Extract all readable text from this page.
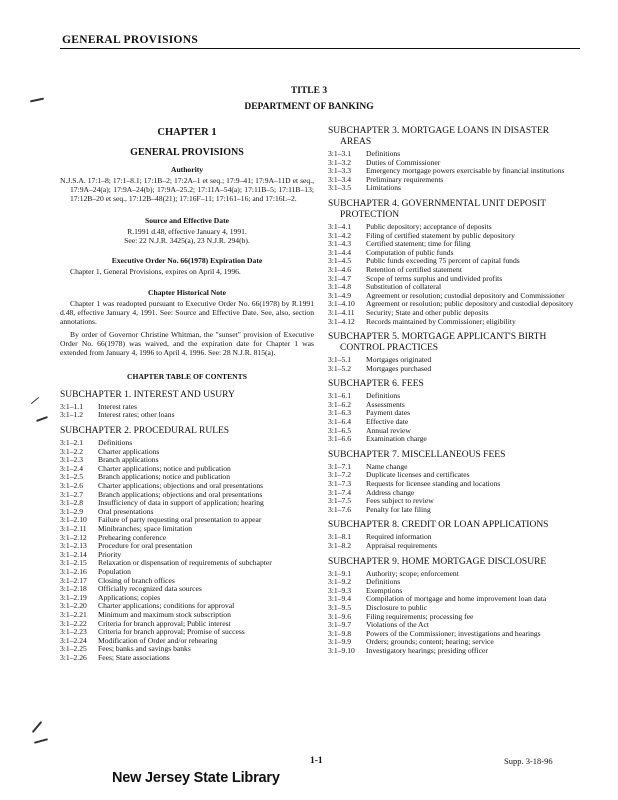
GENERAL PROVISIONS
TITLE 3
DEPARTMENT OF BANKING
CHAPTER 1
GENERAL PROVISIONS
Authority
N.J.S.A. 17:1–8; 17:1–8.1; 17:1B–2; 17:2A–1 et seq.; 17:9–41; 17:9A–11D et seq., 17:9A–24(a); 17:9A–24(b); 17:9A–25.2; 17:11A–54(a); 17:11B–5; 17:11B–13; 17:12B–20 et seq., 17:12B–48(21); 17:16F–11; 17:161–16; and 17:16L–2.
Source and Effective Date
R.1991 d.48, effective January 4, 1991.
See: 22 N.J.R. 3425(a), 23 N.J.R. 294(b).
Executive Order No. 66(1978) Expiration Date
Chapter 1, General Provisions, expires on April 4, 1996.
Chapter Historical Note
Chapter 1 was readopted pursuant to Executive Order No. 66(1978) by R.1991 d.48, effective January 4, 1991. See: Source and Effective Date. See, also, section annotations.
By order of Governor Christine Whitman, the "sunset" provision of Executive Order No. 66(1978) was waived, and the expiration date for Chapter 1 was extended from January 4, 1996 to April 4, 1996. See: 28 N.J.R. 815(a).
CHAPTER TABLE OF CONTENTS
SUBCHAPTER 1. INTEREST AND USURY
3:1–1.1	Interest rates
3:1–1.2	Interest rates; other loans
SUBCHAPTER 2. PROCEDURAL RULES
3:1–2.1	Definitions
3:1–2.2	Charter applications
3:1–2.3	Branch applications
3:1–2.4	Charter applications; notice and publication
3:1–2.5	Branch applications; notice and publication
3:1–2.6	Charter applications; objections and oral presentations
3:1–2.7	Branch applications; objections and oral presentations
3:1–2.8	Insufficiency of data in support of application; hearing
3:1–2.9	Oral presentations
3:1–2.10	Failure of party requesting oral presentation to appear
3:1–2.11	Minibranches; space limitation
3:1–2.12	Prehearing conference
3:1–2.13	Procedure for oral presentation
3:1–2.14	Priority
3:1–2.15	Relaxation or dispensation of requirements of subchapter
3:1–2.16	Population
3:1–2.17	Closing of branch offices
3:1–2.18	Officially recognized data sources
3:1–2.19	Applications; copies
3:1–2.20	Charter applications; conditions for approval
3:1–2.21	Minimum and maximum stock subscription
3:1–2.22	Criteria for branch approval; Public interest
3:1–2.23	Criteria for branch approval; Promise of success
3:1–2.24	Modification of Order and/or rehearing
3:1–2.25	Fees; banks and savings banks
3:1–2.26	Fees; State associations
SUBCHAPTER 3. MORTGAGE LOANS IN DISASTER AREAS
3:1–3.1	Definitions
3:1–3.2	Duties of Commissioner
3:1–3.3	Emergency mortgage powers exercisable by financial institutions
3:1–3.4	Preliminary requirements
3:1–3.5	Limitations
SUBCHAPTER 4. GOVERNMENTAL UNIT DEPOSIT PROTECTION
3:1–4.1	Public depository; acceptance of deposits
3:1–4.2	Filing of certified statement by public depository
3:1–4.3	Certified statement; time for filing
3:1–4.4	Computation of public funds
3:1–4.5	Public funds exceeding 75 percent of capital funds
3:1–4.6	Retention of certified statement
3:1–4.7	Scope of terms surplus and undivided profits
3:1–4.8	Substitution of collateral
3:1–4.9	Agreement or resolution; custodial depository and Commissioner
3:1–4.10	Agreement or resolution; public depository and custodial depository
3:1–4.11	Security; State and other public deposits
3:1–4.12	Records maintained by Commissioner; eligibility
SUBCHAPTER 5. MORTGAGE APPLICANT'S BIRTH CONTROL PRACTICES
3:1–5.1	Mortgages originated
3:1–5.2	Mortgages purchased
SUBCHAPTER 6. FEES
3:1–6.1	Definitions
3:1–6.2	Assessments
3:1–6.3	Payment dates
3:1–6.4	Effective date
3:1–6.5	Annual review
3:1–6.6	Examination charge
SUBCHAPTER 7. MISCELLANEOUS FEES
3:1–7.1	Name change
3:1–7.2	Duplicate licenses and certificates
3:1–7.3	Requests for licensee standing and locations
3:1–7.4	Address change
3:1–7.5	Fees subject to review
3:1–7.6	Penalty for late filing
SUBCHAPTER 8. CREDIT OR LOAN APPLICATIONS
3:1–8.1	Required information
3:1–8.2	Appraisal requirements
SUBCHAPTER 9. HOME MORTGAGE DISCLOSURE
3:1–9.1	Authority; scope; enforcement
3:1–9.2	Definitions
3:1–9.3	Exemptions
3:1–9.4	Compilation of mortgage and home improvement loan data
3:1–9.5	Disclosure to public
3:1–9.6	Filing requirements; processing fee
3:1–9.7	Violations of the Act
3:1–9.8	Powers of the Commissioner; investigations and hearings
3:1–9.9	Orders; grounds; content; hearing; service
3:1–9.10	Investigatory hearings; presiding officer
1-1	Supp. 3-18-96
New Jersey State Library
